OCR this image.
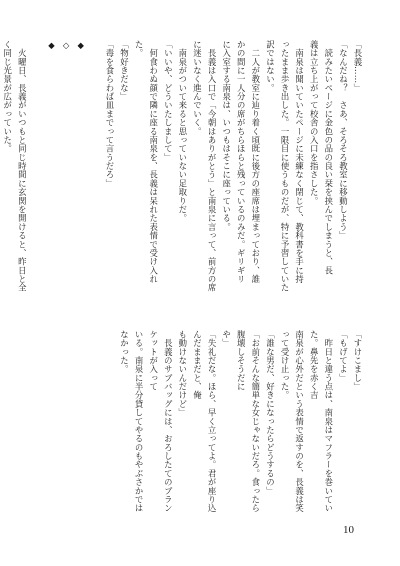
「長義……」
「なんだね？　さあ、そろそろ教室に移動しよう」
　読みたいページに金色の品の良い栞を挟んでしまうと、長
義は立ち上がって校舎の入口を指さした。
　南泉は聞いていたページに未練なく閉じて、教科書を手に持
ったまま歩き出した。一限目に使うものだが、特に予習していた
訳ではない。
　二人が教室に辿り着く頃既に後方の座席は埋まっており、誰
かの間に一人分の席がちらほらと残っているのみだ。ギリギリ
に入室する南泉は、いつもはそこに座っている。
　長義は入口で「今朝はありがとう」と南泉に言って、前方の席
に迷いなく進んでいく。
　南泉がついて来ると思っていない足取りだ。
「いいや、どういたしまして」
　何食わぬ顔で隣に座る南泉を、長義は呆れた表情で受け入れ
た。
「物好きだな」
「毒を食らわば皿までって言うだろ」

◆
◇
◆

　火曜日、長義がいつもと同じ時間に玄関を開けると、昨日と全
く同じ光景が広がっていた。
「すけこまし」
「もげてよ」
　昨日と違う点は、南泉はマフラーを巻いていた。鼻先を赤く吉
南泉が心外だという表情で返すのを、長義は笑って受け止った。
「誰な男だ、好きになったらどうするの」
「お前そんな簡単な女じゃないだろ。食ったら腹壊しそうだに
や」
「失礼だな。ほら、早く立ってよ。君が座り込んだままだと、俺
も動けないんだけど」
　長義のサブバッグには、おろしたてのブランケットが入って
いる。南泉に半分貸してやるのもやぶさかではなかった。
10
